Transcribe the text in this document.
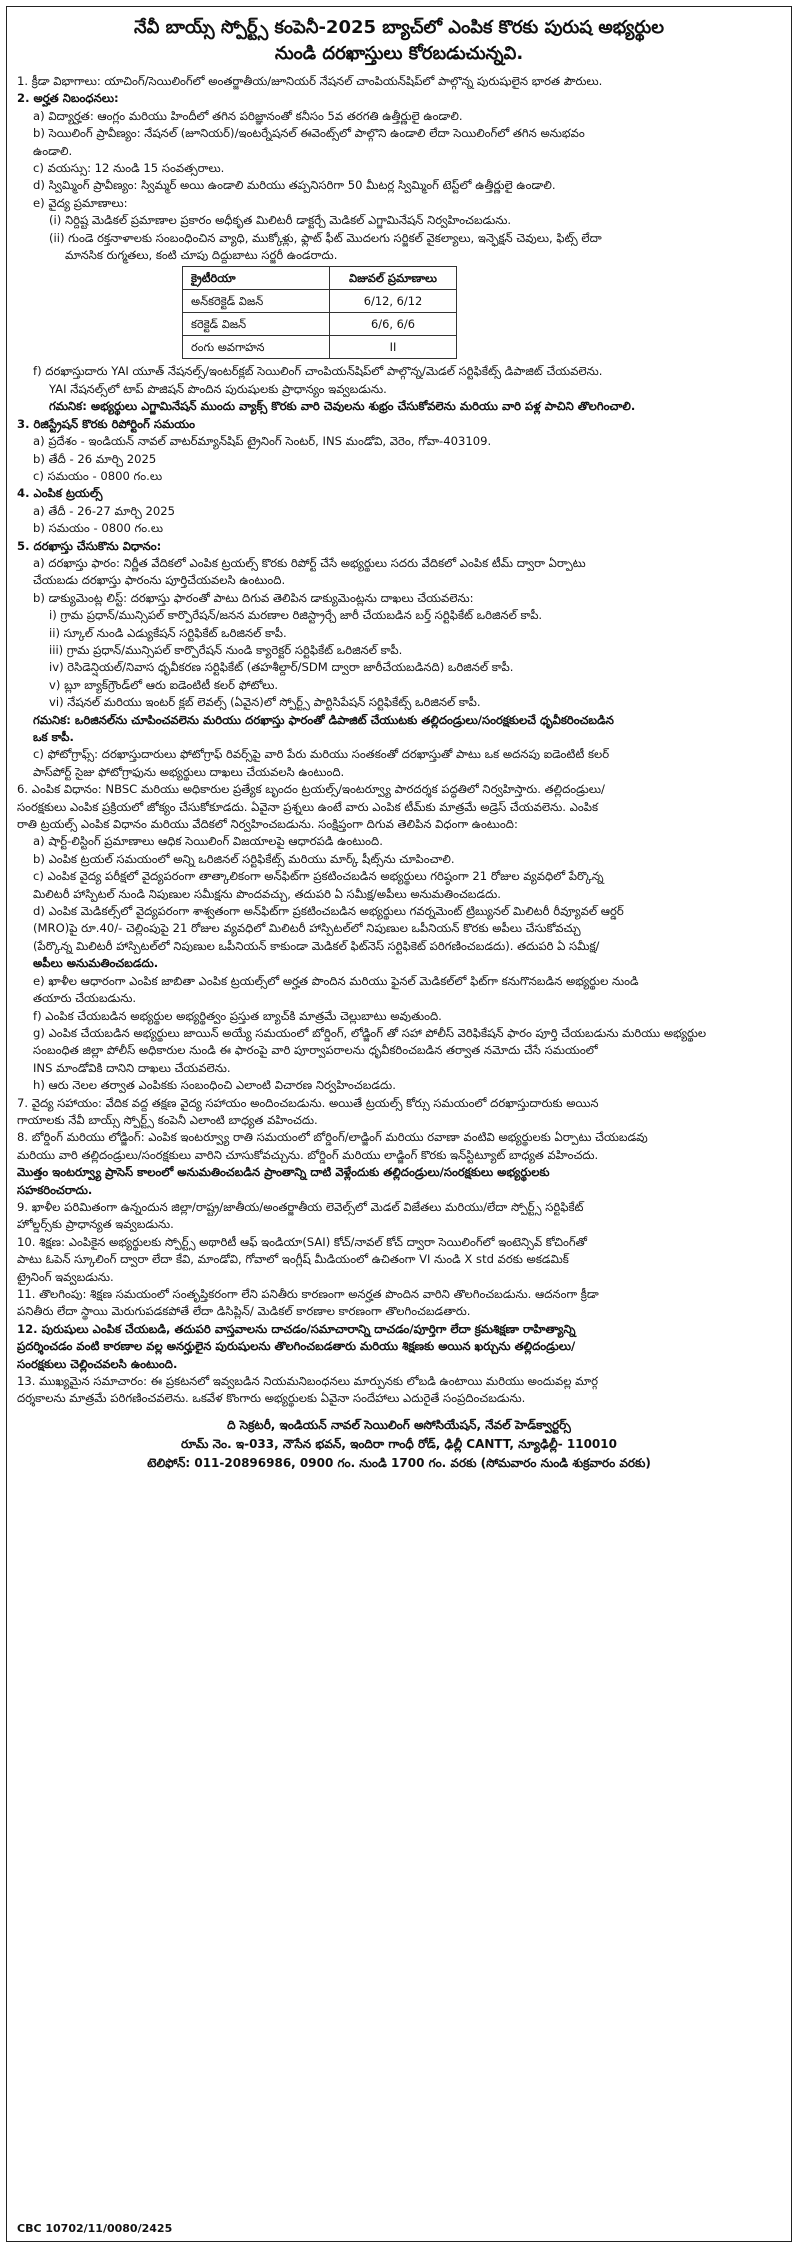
నేవీ బాయ్స్ స్పోర్ట్స్ కంపెనీ-2025 బ్యాచ్‌లో ఎంపిక కొరకు పురుష అభ్యర్థుల
నుండి దరఖాస్తులు కోరబడుచున్నవి.
1. క్రీడా విభాగాలు: యాచింగ్/సెయిలింగ్‌లో అంతర్జాతీయ/జూనియర్ నేషనల్ చాంపియన్‌షిప్‌లో పాల్గొన్న పురుషులైన భారత పౌరులు.
2. అర్హత నిబంధనలు:
a) విద్యార్హత: ఆంగ్లం మరియు హిందీలో తగిన పరిజ్ఞానంతో కనీసం 5వ తరగతి ఉత్తీర్ణులై ఉండాలి.
b) సెయిలింగ్ ప్రావీణ్యం: నేషనల్ (జూనియర్)/ఇంటర్నేషనల్ ఈవెంట్స్‌లో పాల్గొని ఉండాలి లేదా సెయిలింగ్‌లో తగిన అనుభవం
ఉండాలి.
c) వయస్సు: 12 నుండి 15 సంవత్సరాలు.
d) స్విమ్మింగ్ ప్రావీణ్యం: స్విమ్మర్ అయి ఉండాలి మరియు తప్పనిసరిగా 50 మీటర్ల స్విమ్మింగ్ టెస్ట్‌లో ఉత్తీర్ణులై ఉండాలి.
e) వైద్య ప్రమాణాలు:
(i) నిర్దిష్ట మెడికల్ ప్రమాణాల ప్రకారం అధీకృత మిలిటరీ డాక్టర్చే మెడికల్ ఎగ్జామినేషన్ నిర్వహించబడును.
(ii) గుండె రక్తనాళాలకు సంబంధించిన వ్యాధి, ముక్కోళ్లు, ఫ్లాట్ ఫీట్ మొదలగు సర్జికల్ వైకల్యాలు, ఇన్ఫెక్షన్ చెవులు, ఫిట్స్ లేదా
మానసిక రుగ్మతలు, కంటి చూపు దిద్దుబాటు సర్జరీ ఉండరాదు.
క్రైటీరియా	విజువల్ ప్రమాణాలు
అన్‌కరెక్టెడ్ విజన్	6/12, 6/12
కరెక్టెడ్ విజన్	6/6, 6/6
రంగు అవగాహన	II
f) దరఖాస్తుదారు YAI యూత్ నేషనల్స్/ఇంటర్‌క్లబ్ సెయిలింగ్ చాంపియన్‌షిప్‌లో పాల్గొన్న/మెడల్ సర్టిఫికేట్స్ డిపాజిట్ చేయవలెను.
YAI నేషనల్స్‌లో టాప్ పొజిషన్ పొందిన పురుషులకు ప్రాధాన్యం ఇవ్వబడును.
గమనిక: అభ్యర్థులు ఎగ్జామినేషన్ ముందు వ్యాక్స్ కొరకు వారి చెవులను శుభ్రం చేసుకోవలెను మరియు వారి పళ్ల పాచిని తొలగించాలి.
3. రిజిస్ట్రేషన్ కొరకు రిపోర్టింగ్ సమయం
a) ప్రదేశం - ఇండియన్ నావల్ వాటర్‌మ్యాన్‌షిప్ ట్రైనింగ్ సెంటర్, INS మండోవి, వెరెం, గోవా-403109.
b) తేదీ - 26 మార్చి 2025
c) సమయం - 0800 గం.లు
4. ఎంపిక ట్రయల్స్
a) తేదీ - 26-27 మార్చి 2025
b) సమయం - 0800 గం.లు
5. దరఖాస్తు చేసుకొను విధానం:
a) దరఖాస్తు ఫారం: నిర్ణీత వేదికలో ఎంపిక ట్రయల్స్ కొరకు రిపోర్ట్ చేసే అభ్యర్థులు సదరు వేదికలో ఎంపిక టీమ్ ద్వారా ఏర్పాటు
చేయబడు దరఖాస్తు ఫారంను పూర్తిచేయవలసి ఉంటుంది.
b) డాక్యుమెంట్ల లిస్ట్: దరఖాస్తు ఫారంతో పాటు దిగువ తెలిపిన డాక్యుమెంట్లను దాఖలు చేయవలెను:
i) గ్రామ ప్రధాన్/మున్సిపల్ కార్పొరేషన్/జనన మరణాల రిజిస్ట్రార్చే జారీ చేయబడిన బర్త్ సర్టిఫికేట్ ఒరిజినల్ కాపీ.
ii) స్కూల్ నుండి ఎడ్యుకేషన్ సర్టిఫికేట్ ఒరిజినల్ కాపీ.
iii) గ్రామ ప్రధాన్/మున్సిపల్ కార్పొరేషన్ నుండి క్యారెక్టర్ సర్టిఫికేట్ ఒరిజినల్ కాపీ.
iv) రెసిడెన్షియల్/నివాస ధృవీకరణ సర్టిఫికేట్ (తహశీల్దార్/SDM ద్వారా జారీచేయబడినది) ఒరిజినల్ కాపీ.
v) బ్లూ బ్యాక్‌గ్రౌండ్‌లో ఆరు ఐడెంటిటీ కలర్ ఫోటోలు.
vi) నేషనల్ మరియు ఇంటర్ క్లబ్ లెవల్స్ (ఏవైన)లో స్పోర్ట్స్ పార్టిసిపేషన్ సర్టిఫికేట్స్ ఒరిజినల్ కాపీ.
గమనిక: ఒరిజినల్‌ను చూపించవలెను మరియు దరఖాస్తు ఫారంతో డిపాజిట్ చేయుటకు తల్లిదండ్రులు/సంరక్షకులచే ధృవీకరించబడిన
ఒక కాపీ.
c) ఫోటోగ్రాఫ్స్: దరఖాస్తుదారులు ఫోటోగ్రాఫ్ రివర్స్‌పై వారి పేరు మరియు సంతకంతో దరఖాస్తుతో పాటు ఒక అదనపు ఐడెంటిటీ కలర్
పాస్‌పోర్ట్ సైజు ఫోటోగ్రాఫును అభ్యర్థులు దాఖలు చేయవలసి ఉంటుంది.
6. ఎంపిక విధానం: NBSC మరియు అధికారుల ప్రత్యేక బృందం ట్రయల్స్/ఇంటర్వ్యూ పారదర్శక పద్ధతిలో నిర్వహిస్తారు. తల్లిదండ్రులు/
సంరక్షకులు ఎంపిక ప్రక్రియలో జోక్యం చేసుకోకూడదు. ఏవైనా ప్రశ్నలు ఉంటే వారు ఎంపిక టీమ్‌కు మాత్రమే అడ్రెస్ చేయవలెను. ఎంపిక
రాతి ట్రయల్స్ ఎంపిక విధానం మరియు వేదికలో నిర్వహించబడును. సంక్షిప్తంగా దిగువ తెలిపిన విధంగా ఉంటుంది:
a) షార్ట్-లిస్టింగ్ ప్రమాణాలు ఆధిక సెయిలింగ్ విజయాలపై ఆధారపడి ఉంటుంది.
b) ఎంపిక ట్రయల్ సమయంలో అన్ని ఒరిజినల్ సర్టిఫికేట్స్ మరియు మార్క్ షీట్స్‌ను చూపించాలి.
c) ఎంపిక వైద్య పరీక్షలో వైద్యపరంగా తాత్కాలికంగా అన్‌ఫిట్‌గా ప్రకటించబడిన అభ్యర్థులు గరిష్ఠంగా 21 రోజుల వ్యవధిలో పేర్కొన్న
మిలిటరీ హాస్పిటల్ నుండి నిపుణుల సమీక్షను పొందవచ్చు, తదుపరి ఏ సమీక్ష/అపీలు అనుమతించబడదు.
d) ఎంపిక మెడికల్స్‌లో వైద్యపరంగా శాశ్వతంగా అన్‌ఫిట్‌గా ప్రకటించబడిన అభ్యర్థులు గవర్నమెంట్ ట్రిబ్యునల్ మిలిటరీ రీవ్యూవల్ ఆర్డర్
(MRO)పై రూ.40/- చెల్లింపుపై 21 రోజుల వ్యవధిలో మిలిటరీ హాస్పిటల్‌లో నిపుణుల ఒపీనియన్ కొరకు అపీలు చేసుకోవచ్చు
(పేర్కొన్న మిలిటరీ హాస్పిటల్‌లో నిపుణుల ఒపీనియన్ కాకుండా మెడికల్ ఫిట్‌నెస్ సర్టిఫికెట్ పరిగణించబడదు). తదుపరి ఏ సమీక్ష/
అపీలు అనుమతించబడదు.
e) ఖాళీల ఆధారంగా ఎంపిక జాబితా ఎంపిక ట్రయల్స్‌లో అర్హత పొందిన మరియు ఫైనల్ మెడికల్‌లో ఫిట్‌గా కనుగొనబడిన అభ్యర్థుల నుండి
తయారు చేయబడును.
f) ఎంపిక చేయబడిన అభ్యర్థుల అభ్యర్థిత్వం ప్రస్తుత బ్యాచ్‌కి మాత్రమే చెల్లుబాటు అవుతుంది.
g) ఎంపిక చేయబడిన అభ్యర్థులు జాయిన్ అయ్యే సమయంలో బోర్డింగ్, లోడ్జింగ్ తో సహా పోలీస్ వెరిఫికేషన్ ఫారం పూర్తి చేయబడును మరియు అభ్యర్థుల
సంబంధిత జిల్లా పోలీస్ అధికారుల నుండి ఈ ఫారంపై వారి పూర్వాపరాలను ధృవీకరించబడిన తర్వాత నమోదు చేసే సమయంలో
INS మాండోవికి దానిని దాఖలు చేయవలెను.
h) ఆరు నెలల తర్వాత ఎంపికకు సంబంధించి ఎలాంటి విచారణ నిర్వహించబడదు.
7. వైద్య సహాయం: వేదిక వద్ద తక్షణ వైద్య సహాయం అందించబడును. అయితే ట్రయల్స్ కోర్సు సమయంలో దరఖాస్తుదారుకు అయిన
గాయాలకు నేవీ బాయ్స్ స్పోర్ట్స్ కంపెనీ ఎలాంటి బాధ్యత వహించదు.
8. బోర్డింగ్ మరియు లోడ్జింగ్: ఎంపిక ఇంటర్వ్యూ రాతి సమయంలో బోర్డింగ్/లాడ్జింగ్ మరియు రవాణా వంటివి అభ్యర్థులకు ఏర్పాటు చేయబడవు
మరియు వారి తల్లిదండ్రులు/సంరక్షకులు వారిని చూసుకోవచ్చును. బోర్డింగ్ మరియు లాడ్జింగ్ కొరకు ఇన్‌స్టిట్యూట్ బాధ్యత వహించదు.
మొత్తం ఇంటర్వ్యూ ప్రాసెస్ కాలంలో అనుమతించబడిన ప్రాంతాన్ని దాటి వెళ్లేందుకు తల్లిదండ్రులు/సంరక్షకులు అభ్యర్థులకు
సహకరించరాదు.
9. ఖాళీల పరిమితంగా ఉన్నందున జిల్లా/రాష్ట్ర/జాతీయ/అంతర్జాతీయ లెవెల్స్‌లో మెడల్ విజేతలు మరియు/లేదా స్పోర్ట్స్ సర్టిఫికేట్
హోల్డర్స్‌కు ప్రాధాన్యత ఇవ్వబడును.
10. శిక్షణ: ఎంపికైన అభ్యర్థులకు స్పోర్ట్స్ అథారిటీ ఆఫ్ ఇండియా(SAI) కోచ్/నావల్ కోచ్ ద్వారా సెయిలింగ్‌లో ఇంటెన్సివ్ కోచింగ్‌తో
పాటు ఓపెన్ స్కూలింగ్ ద్వారా లేదా కేవి, మాండోవి, గోవాలో ఇంగ్లీష్ మీడియంలో ఉచితంగా VI నుండి X std వరకు అకడమిక్
ట్రైనింగ్ ఇవ్వబడును.
11. తొలగింపు: శిక్షణ సమయంలో సంతృప్తికరంగా లేని పనితీరు కారణంగా అనర్హత పొందిన వారిని తొలగించబడును. ఆదనంగా క్రీడా
పనితీరు లేదా స్థాయి మెరుగుపడకపోతే లేదా డిసిప్లిన్/ మెడికల్ కారణాల కారణంగా తొలగించబడతారు.
12. పురుషులు ఎంపిక చేయబడి, తదుపరి వాస్తవాలను దాచడం/సమాచారాన్ని దాచడం/పూర్తిగా లేదా క్రమశిక్షణా రాహిత్యాన్ని
ప్రదర్శించడం వంటి కారణాల వల్ల అనర్హులైన పురుషులను తొలగించబడతారు మరియు శిక్షణకు అయిన ఖర్చును తల్లిదండ్రులు/
సంరక్షకులు చెల్లించవలసి ఉంటుంది.
13. ముఖ్యమైన సమాచారం: ఈ ప్రకటనలో ఇవ్వబడిన నియమనిబంధనలు మార్పునకు లోబడి ఉంటాయి మరియు అందువల్ల మార్గ
దర్శకాలను మాత్రమే పరిగణించవలెను. ఒకవేళ కొంగారు అభ్యర్థులకు ఏవైనా సందేహాలు ఎదురైతే సంప్రదించబడును.
ది సెక్రటరీ, ఇండియన్ నావల్ సెయిలింగ్ అసోసియేషన్, నేవల్ హెడ్‌క్వార్టర్స్
రూమ్ నెం. ఇ-033, నౌసేన భవన్, ఇందిరా గాంధీ రోడ్, ఢిల్లీ CANTT, న్యూఢిల్లీ- 110010
టెలిఫోన్: 011-20896986, 0900 గం. నుండి 1700 గం. వరకు (సోమవారం నుండి శుక్రవారం వరకు)
CBC 10702/11/0080/2425
